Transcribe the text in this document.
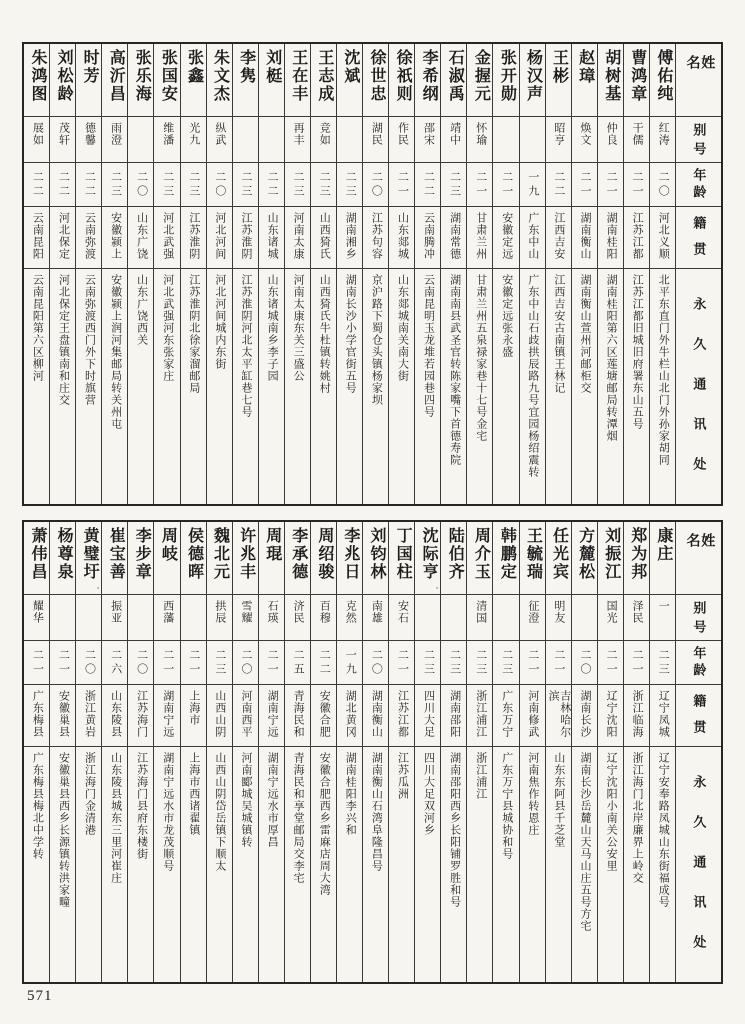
姓名
别号
年龄
籍贯
永久通讯处
傅佑纯
红涛
二〇
河北义顺
北平东直门外牛栏山北门外孙家胡同
曹鸿章
干儒
二一
江苏江都
江苏江都旧城旧府署东山五号
胡树基
仲良
二一
湖南桂阳
湖南桂阳第六区莲塘邮局转潭烟
赵璋
焕文
二一
湖南衡山
湖南衡山萱州河邮柜交
王彬
昭亨
二二
江西吉安
江西吉安古南镇王林记
杨汉声
一九
广东中山
广东中山石歧拱辰路九号宜园杨绍震转
张开勋
二一
安徽定远
安徽定远张永盛
金握元
怀瑜
二一
甘肃兰州
甘肃兰州五泉禄家巷十七号金宅
石淑禹
靖中
二三
湖南常德
湖南南县武圣官转陈家嘴下首德寿院
李希纲
邵宋
二二
云南腾冲
云南昆明玉龙堆若园巷四号
徐祇则
作民
二一
山东郯城
山东郯城南关南大街
徐世忠
湖民
二〇
江苏句容
京沪路下蜀仓头镇杨家坝
沈斌
二三
湖南湘乡
湖南长沙小学官街五号
王志成
竞如
二三
山西猗氏
山西猗氏牛杜镇转姚村
王在丰
再丰
二三
河南太康
河南太康东关三盛公
刘梃
二二
山东诸城
山东诸城南乡李子园
李隽
二三
江苏淮阴
江苏淮阴河北太平缸巷七号
朱文杰
纵武
二〇
河北河间
河北河间城内东街
张鑫
光九
二三
江苏淮阴
江苏淮阴北徐家溜邮局
张国安
维潘
二三
河北武强
河北武强河东张家庄
张乐海
二〇
山东广饶
山东广饶西关
高沂昌
雨澄
二三
安徽颍上
安徽颍上润河集邮局转关州屯
时芳
德馨
二二
云南弥渡
云南弥渡西门外下时旗营
刘松龄
茂轩
二二
河北保定
河北保定王盘镇南和庄交
朱鸿图
展如
二二
云南昆阳
云南昆阳第六区柳河
姓名
别号
年龄
籍贯
永久通讯处
康庄
一
二三
辽宁凤城
辽宁安奉路凤城山东街福成号
郑为邦
泽民
二一
浙江临海
浙江海门北岸廉界上岭交
刘振江
国光
二一
辽宁沈阳
辽宁沈阳小南关公安里
方麓松
二〇
湖南长沙
湖南长沙岳麓山天马山庄五号方宅
任光宾
明友
二一
吉林哈尔滨
山东东阿县千芝堂
王毓瑞
征澄
二一
河南修武
河南焦作转恩庄
韩鹏定
二三
广东万宁
广东万宁县城协和号
周介玉
清国
二三
浙江浦江
浙江浦江
陆伯齐
二三
湖南邵阳
湖南邵阳西乡长阳铺罗胜和号
沈际亨
◦
二三
四川大足
四川大足双河乡
丁国柱
安石
二一
江苏江都
江苏瓜洲
刘钧林
南雄
二〇
湖南衡山
湖南衡山石湾阜隆昌号
李兆日
克然
一九
湖北黄冈
湖南桂阳李兴和
周绍骏
百穆
二二
安徽合肥
安徽合肥西乡雷麻店周大湾
李承德
济民
二五
青海民和
青海民和享堂邮局交李宅
周琨
石瑛
二一
湖南宁远
湖南宁远水市厚昌
许兆丰
雪耀
二〇
河南西平
河南郾城吴城镇转
魏北元
拱辰
二三
山西山阴
山西山阴岱岳镇下顺太
侯德晖
二一
上海市
上海市西诸翟镇
周岐
西藩
二一
湖南宁远
湖南宁远水市龙茂顺号
李步章
二〇
江苏海门
江苏海门县府东楼街
崔宝善
振亚
二六
山东陵县
山东陵县城东三里河崔庄
黄璧圩
◦
二〇
浙江黄岩
浙江海门金清港
杨尊泉
二一
安徽巢县
安徽巢县西乡长源镇转洪家疃
萧伟昌
耀华
二一
广东梅县
广东梅县梅北中学转
571
